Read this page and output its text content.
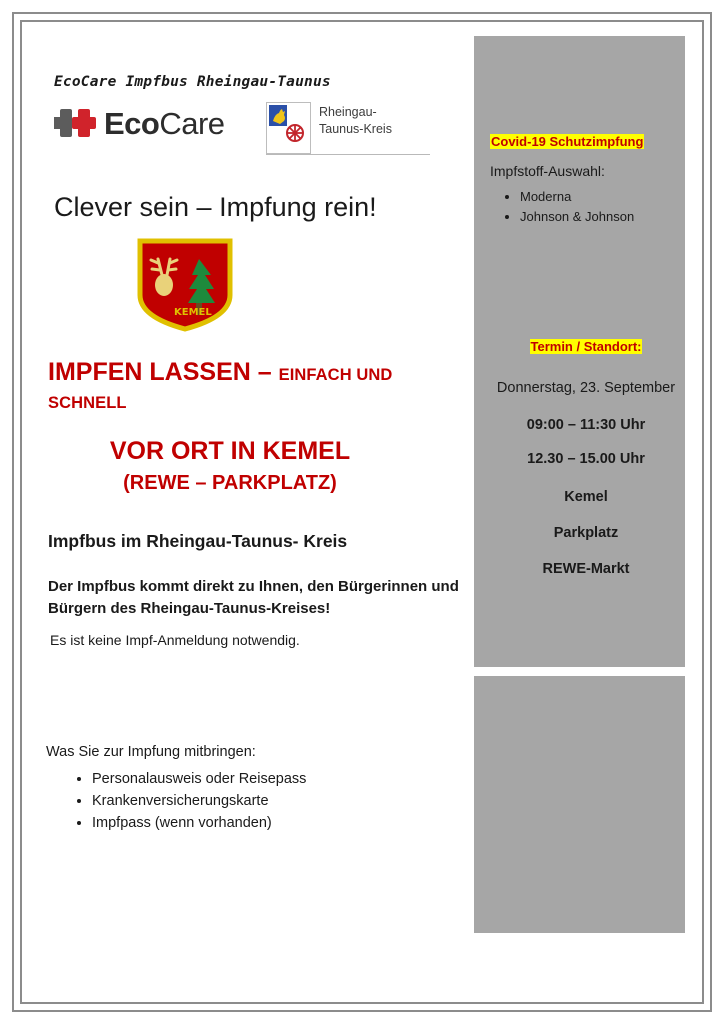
EcoCare Impfbus Rheingau-Taunus
EcoCare	Rheingau-
Taunus-Kreis
Clever sein – Impfung rein!
KEMEL
IMPFEN LASSEN – EINFACH UND SCHNELL
VOR ORT IN KEMEL
(REWE – PARKPLATZ)
Impfbus im Rheingau-Taunus- Kreis
Der Impfbus kommt direkt zu Ihnen, den Bürgerinnen und Bürgern des Rheingau-Taunus-Kreises!
Es ist keine Impf-Anmeldung notwendig.
Was Sie zur Impfung mitbringen:
• Personalausweis oder Reisepass
• Krankenversicherungskarte
• Impfpass (wenn vorhanden)
Covid-19 Schutzimpfung
Impfstoff-Auswahl:
• Moderna
• Johnson & Johnson
Termin / Standort:
Donnerstag, 23. September
09:00 – 11:30 Uhr
12.30 – 15.00 Uhr
Kemel
Parkplatz
REWE-Markt
